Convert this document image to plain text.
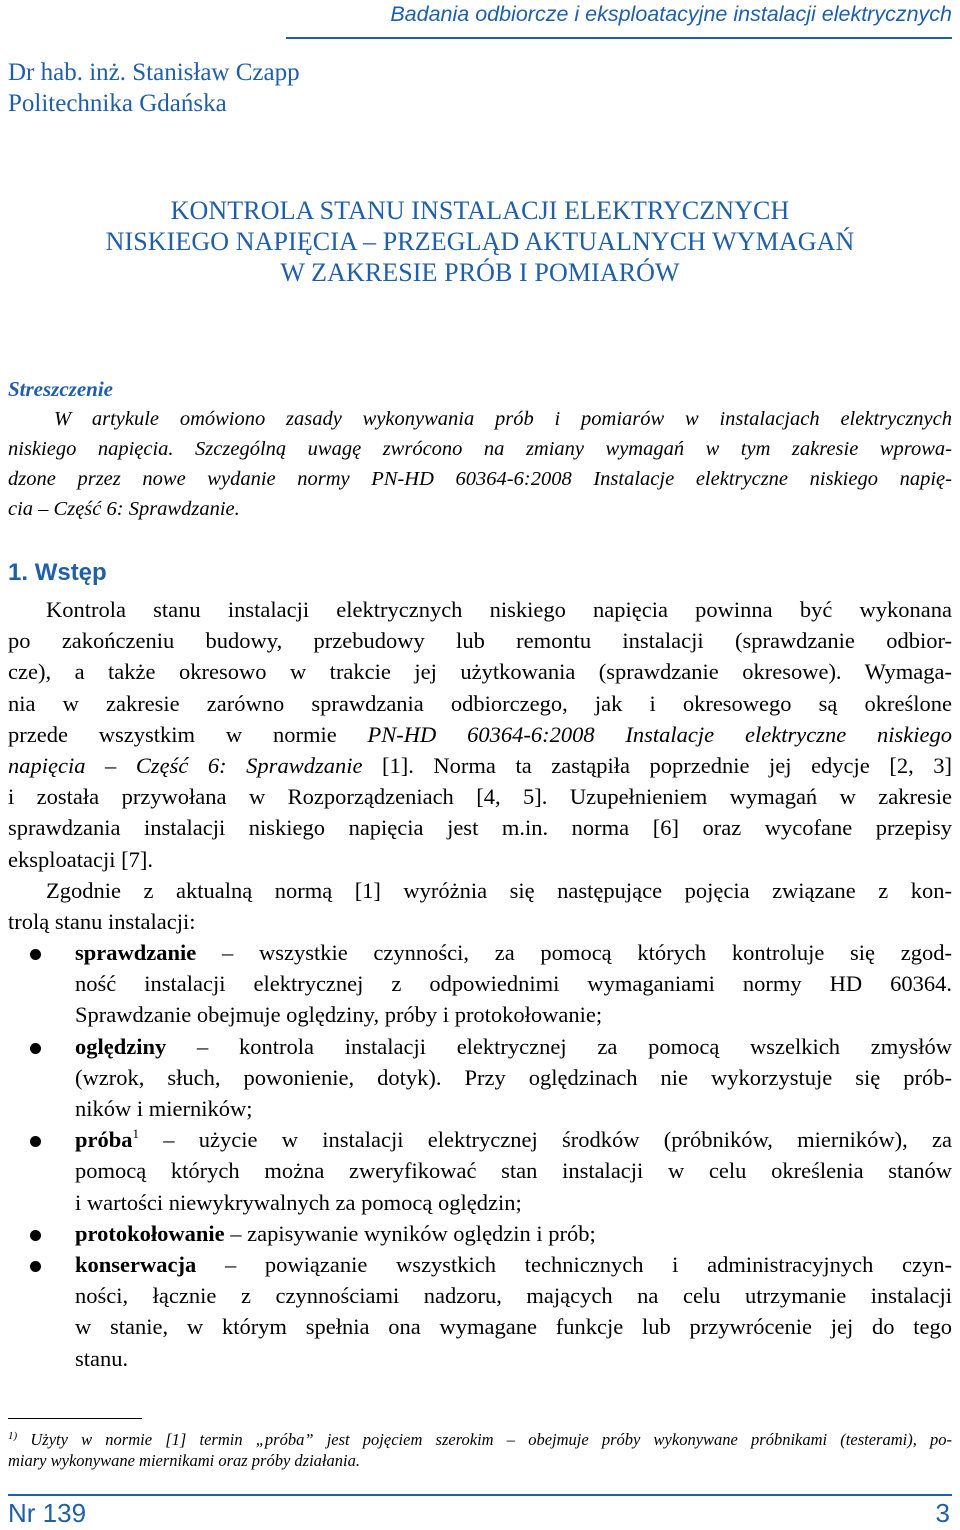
Badania odbiorcze i eksploatacyjne instalacji elektrycznych
Dr hab. inż. Stanisław Czapp
Politechnika Gdańska
KONTROLA STANU INSTALACJI ELEKTRYCZNYCH
NISKIEGO NAPIĘCIA – PRZEGLĄD AKTUALNYCH WYMAGAŃ
W ZAKRESIE PRÓB I POMIARÓW
Streszczenie
W artykule omówiono zasady wykonywania prób i pomiarów w instalacjach elektrycznych
niskiego napięcia. Szczególną uwagę zwrócono na zmiany wymagań w tym zakresie wprowa-
dzone przez nowe wydanie normy PN-HD 60364-6:2008 Instalacje elektryczne niskiego napię-
cia – Część 6: Sprawdzanie.
1. Wstęp
Kontrola stanu instalacji elektrycznych niskiego napięcia powinna być wykonana
po zakończeniu budowy, przebudowy lub remontu instalacji (sprawdzanie odbior-
cze), a także okresowo w trakcie jej użytkowania (sprawdzanie okresowe). Wymaga-
nia w zakresie zarówno sprawdzania odbiorczego, jak i okresowego są określone
przede wszystkim w normie PN-HD 60364-6:2008 Instalacje elektryczne niskiego
napięcia – Część 6: Sprawdzanie [1]. Norma ta zastąpiła poprzednie jej edycje [2, 3]
i została przywołana w Rozporządzeniach [4, 5]. Uzupełnieniem wymagań w zakresie
sprawdzania instalacji niskiego napięcia jest m.in. norma [6] oraz wycofane przepisy
eksploatacji [7].
Zgodnie z aktualną normą [1] wyróżnia się następujące pojęcia związane z kon-
trolą stanu instalacji:
sprawdzanie – wszystkie czynności, za pomocą których kontroluje się zgod-
ność instalacji elektrycznej z odpowiednimi wymaganiami normy HD 60364.
Sprawdzanie obejmuje oględziny, próby i protokołowanie;
oględziny – kontrola instalacji elektrycznej za pomocą wszelkich zmysłów
(wzrok, słuch, powonienie, dotyk). Przy oględzinach nie wykorzystuje się prób-
ników i mierników;
próba$^1$ – użycie w instalacji elektrycznej środków (próbników, mierników), za
pomocą których można zweryfikować stan instalacji w celu określenia stanów
i wartości niewykrywalnych za pomocą oględzin;
protokołowanie – zapisywanie wyników oględzin i prób;
konserwacja – powiązanie wszystkich technicznych i administracyjnych czyn-
ności, łącznie z czynnościami nadzoru, mających na celu utrzymanie instalacji
w stanie, w którym spełnia ona wymagane funkcje lub przywrócenie jej do tego
stanu.
$^{1)}$ Użyty w normie [1] termin „próba” jest pojęciem szerokim – obejmuje próby wykonywane próbnikami (testerami), po-
miary wykonywane miernikami oraz próby działania.
Nr 139	3
